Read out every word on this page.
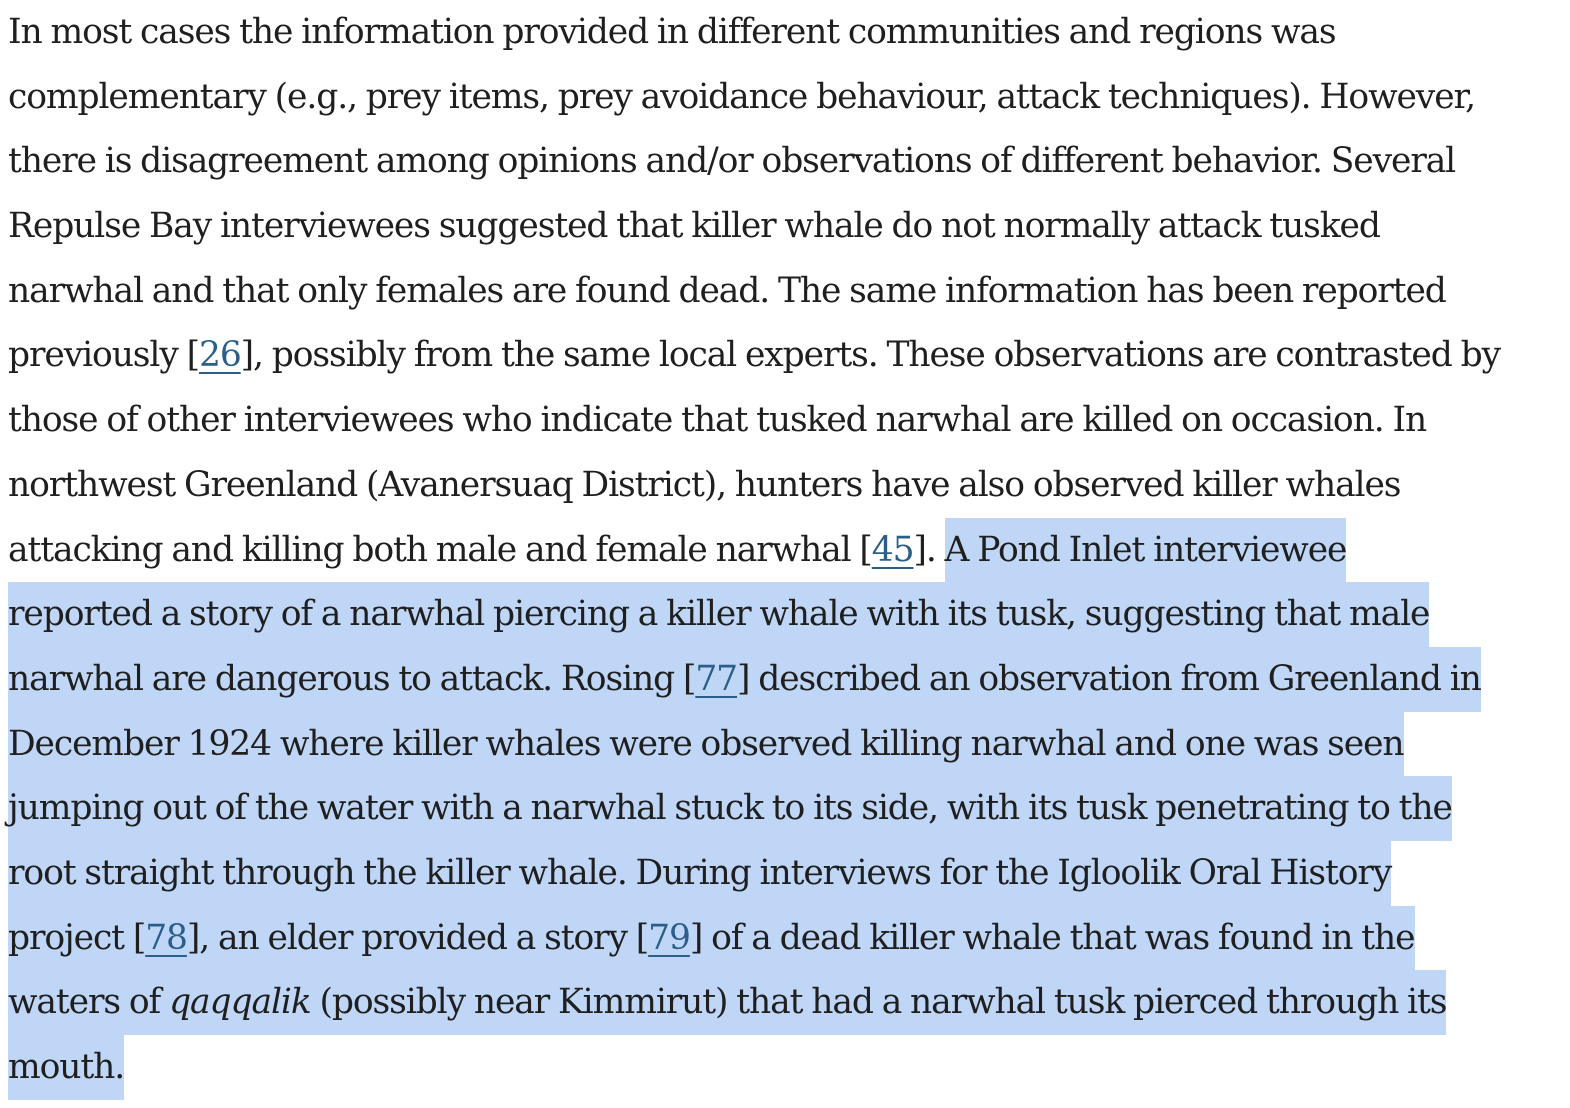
In most cases the information provided in different communities and regions was
complementary (e.g., prey items, prey avoidance behaviour, attack techniques). However,
there is disagreement among opinions and/or observations of different behavior. Several
Repulse Bay interviewees suggested that killer whale do not normally attack tusked
narwhal and that only females are found dead. The same information has been reported
previously [26], possibly from the same local experts. These observations are contrasted by
those of other interviewees who indicate that tusked narwhal are killed on occasion. In
northwest Greenland (Avanersuaq District), hunters have also observed killer whales
attacking and killing both male and female narwhal [45]. A Pond Inlet interviewee
reported a story of a narwhal piercing a killer whale with its tusk, suggesting that male
narwhal are dangerous to attack. Rosing [77] described an observation from Greenland in
December 1924 where killer whales were observed killing narwhal and one was seen
jumping out of the water with a narwhal stuck to its side, with its tusk penetrating to the
root straight through the killer whale. During interviews for the Igloolik Oral History
project [78], an elder provided a story [79] of a dead killer whale that was found in the
waters of qaqqalik (possibly near Kimmirut) that had a narwhal tusk pierced through its
mouth.
